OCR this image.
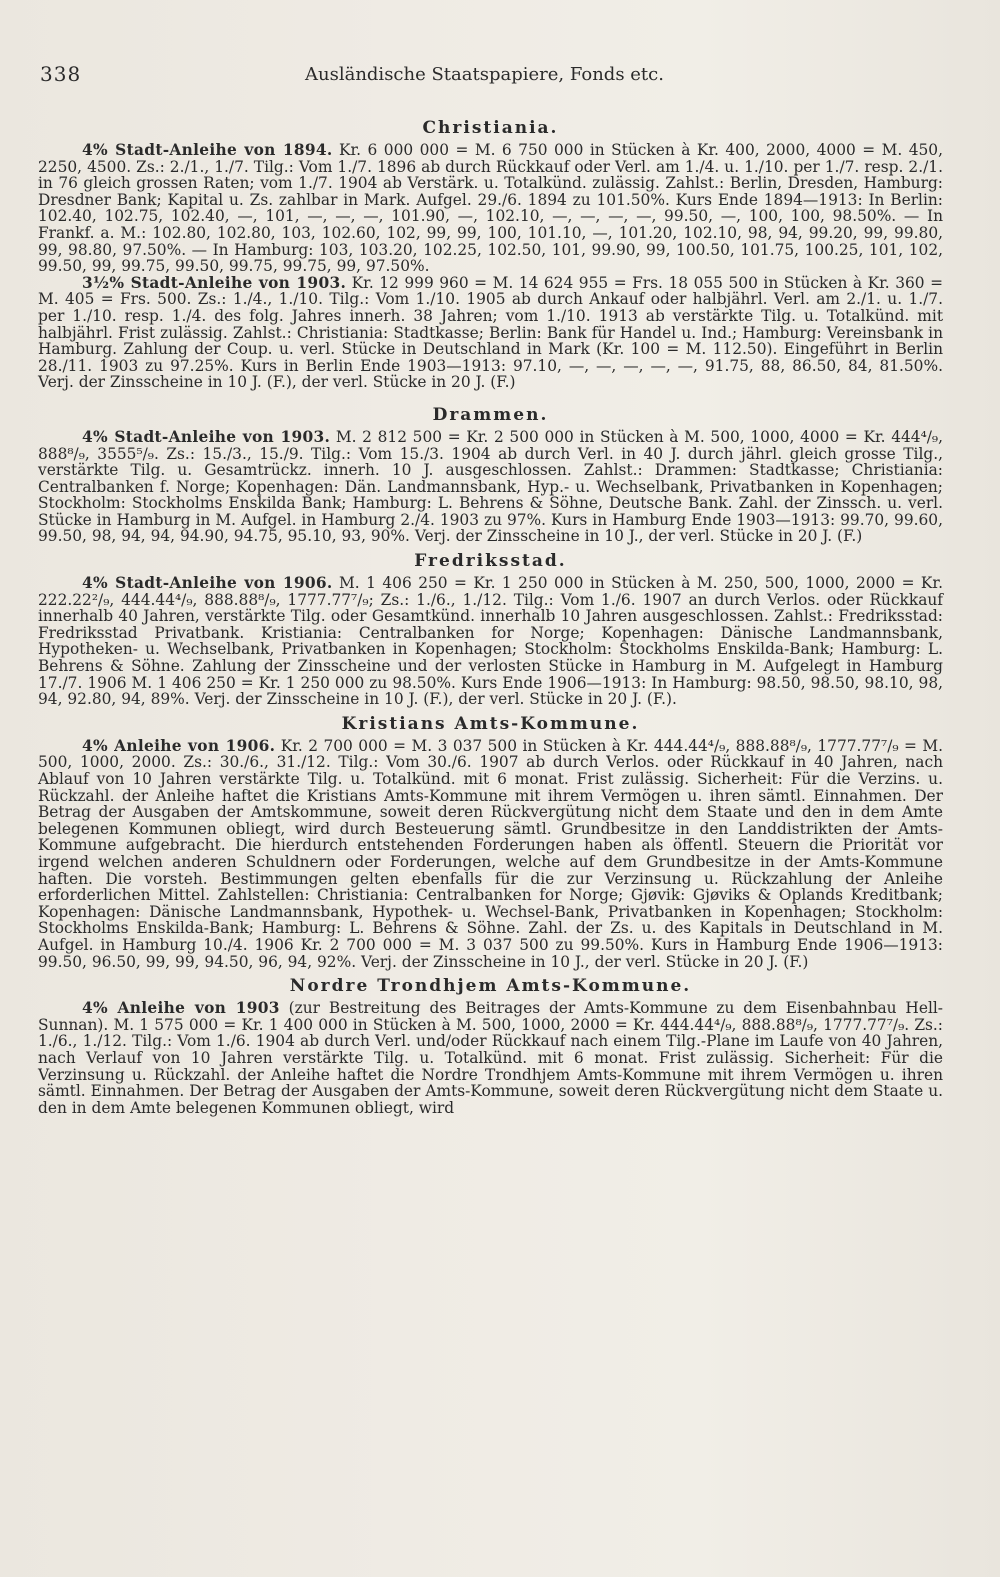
338	Ausländische Staatspapiere, Fonds etc.
Christiania.

4% Stadt-Anleihe von 1894. Kr. 6 000 000 = M. 6 750 000 in Stücken à Kr. 400, 2000, 4000 = M. 450, 2250, 4500. Zs.: 2./1., 1./7. Tilg.: Vom 1./7. 1896 ab durch Rückkauf oder Verl. am 1./4. u. 1./10. per 1./7. resp. 2./1. in 76 gleich grossen Raten; vom 1./7. 1904 ab Verstärk. u. Totalkünd. zulässig. Zahlst.: Berlin, Dresden, Hamburg: Dresdner Bank; Kapital u. Zs. zahlbar in Mark. Aufgel. 29./6. 1894 zu 101.50%. Kurs Ende 1894—1913: In Berlin: 102.40, 102.75, 102.40, —, 101, —, —, —, 101.90, —, 102.10, —, —, —, —, 99.50, —, 100, 100, 98.50%. — In Frankf. a. M.: 102.80, 102.80, 103, 102.60, 102, 99, 99, 100, 101.10, —, 101.20, 102.10, 98, 94, 99.20, 99, 99.80, 99, 98.80, 97.50%. — In Hamburg: 103, 103.20, 102.25, 102.50, 101, 99.90, 99, 100.50, 101.75, 100.25, 101, 102, 99.50, 99, 99.75, 99.50, 99.75, 99.75, 99, 97.50%.

3½% Stadt-Anleihe von 1903. Kr. 12 999 960 = M. 14 624 955 = Frs. 18 055 500 in Stücken à Kr. 360 = M. 405 = Frs. 500. Zs.: 1./4., 1./10. Tilg.: Vom 1./10. 1905 ab durch Ankauf oder halbjährl. Verl. am 2./1. u. 1./7. per 1./10. resp. 1./4. des folg. Jahres innerh. 38 Jahren; vom 1./10. 1913 ab verstärkte Tilg. u. Totalkünd. mit halbjährl. Frist zulässig. Zahlst.: Christiania: Stadtkasse; Berlin: Bank für Handel u. Ind.; Hamburg: Vereinsbank in Hamburg. Zahlung der Coup. u. verl. Stücke in Deutschland in Mark (Kr. 100 = M. 112.50). Eingeführt in Berlin 28./11. 1903 zu 97.25%. Kurs in Berlin Ende 1903—1913: 97.10, —, —, —, —, —, 91.75, 88, 86.50, 84, 81.50%. Verj. der Zinsscheine in 10 J. (F.), der verl. Stücke in 20 J. (F.)

Drammen.

4% Stadt-Anleihe von 1903. M. 2 812 500 = Kr. 2 500 000 in Stücken à M. 500, 1000, 4000 = Kr. 444⁴/₉, 888⁸/₉, 3555⁵/₉. Zs.: 15./3., 15./9. Tilg.: Vom 15./3. 1904 ab durch Verl. in 40 J. durch jährl. gleich grosse Tilg., verstärkte Tilg. u. Gesamtrückz. innerh. 10 J. ausgeschlossen. Zahlst.: Drammen: Stadtkasse; Christiania: Centralbanken f. Norge; Kopenhagen: Dän. Landmannsbank, Hyp.- u. Wechselbank, Privatbanken in Kopenhagen; Stockholm: Stockholms Enskilda Bank; Hamburg: L. Behrens & Söhne, Deutsche Bank. Zahl. der Zinssch. u. verl. Stücke in Hamburg in M. Aufgel. in Hamburg 2./4. 1903 zu 97%. Kurs in Hamburg Ende 1903—1913: 99.70, 99.60, 99.50, 98, 94, 94, 94.90, 94.75, 95.10, 93, 90%. Verj. der Zinsscheine in 10 J., der verl. Stücke in 20 J. (F.)

Fredriksstad.

4% Stadt-Anleihe von 1906. M. 1 406 250 = Kr. 1 250 000 in Stücken à M. 250, 500, 1000, 2000 = Kr. 222.22²/₉, 444.44⁴/₉, 888.88⁸/₉, 1777.77⁷/₉; Zs.: 1./6., 1./12. Tilg.: Vom 1./6. 1907 an durch Verlos. oder Rückkauf innerhalb 40 Jahren, verstärkte Tilg. oder Gesamtkünd. innerhalb 10 Jahren ausgeschlossen. Zahlst.: Fredriksstad: Fredriksstad Privatbank. Kristiania: Centralbanken for Norge; Kopenhagen: Dänische Landmannsbank, Hypotheken- u. Wechselbank, Privatbanken in Kopenhagen; Stockholm: Stockholms Enskilda-Bank; Hamburg: L. Behrens & Söhne. Zahlung der Zinsscheine und der verlosten Stücke in Hamburg in M. Aufgelegt in Hamburg 17./7. 1906 M. 1 406 250 = Kr. 1 250 000 zu 98.50%. Kurs Ende 1906—1913: In Hamburg: 98.50, 98.50, 98.10, 98, 94, 92.80, 94, 89%. Verj. der Zinsscheine in 10 J. (F.), der verl. Stücke in 20 J. (F.).

Kristians Amts-Kommune.

4% Anleihe von 1906. Kr. 2 700 000 = M. 3 037 500 in Stücken à Kr. 444.44⁴/₉, 888.88⁸/₉, 1777.77⁷/₉ = M. 500, 1000, 2000. Zs.: 30./6., 31./12. Tilg.: Vom 30./6. 1907 ab durch Verlos. oder Rückkauf in 40 Jahren, nach Ablauf von 10 Jahren verstärkte Tilg. u. Totalkünd. mit 6 monat. Frist zulässig. Sicherheit: Für die Verzins. u. Rückzahl. der Anleihe haftet die Kristians Amts-Kommune mit ihrem Vermögen u. ihren sämtl. Einnahmen. Der Betrag der Ausgaben der Amtskommune, soweit deren Rückvergütung nicht dem Staate und den in dem Amte belegenen Kommunen obliegt, wird durch Besteuerung sämtl. Grundbesitze in den Landdistrikten der Amts-Kommune aufgebracht. Die hierdurch entstehenden Forderungen haben als öffentl. Steuern die Priorität vor irgend welchen anderen Schuldnern oder Forderungen, welche auf dem Grundbesitze in der Amts-Kommune haften. Die vorsteh. Bestimmungen gelten ebenfalls für die zur Verzinsung u. Rückzahlung der Anleihe erforderlichen Mittel. Zahlstellen: Christiania: Centralbanken for Norge; Gjøvik: Gjøviks & Oplands Kreditbank; Kopenhagen: Dänische Landmannsbank, Hypothek- u. Wechsel-Bank, Privatbanken in Kopenhagen; Stockholm: Stockholms Enskilda-Bank; Hamburg: L. Behrens & Söhne. Zahl. der Zs. u. des Kapitals in Deutschland in M. Aufgel. in Hamburg 10./4. 1906 Kr. 2 700 000 = M. 3 037 500 zu 99.50%. Kurs in Hamburg Ende 1906—1913: 99.50, 96.50, 99, 99, 94.50, 96, 94, 92%. Verj. der Zinsscheine in 10 J., der verl. Stücke in 20 J. (F.)

Nordre Trondhjem Amts-Kommune.

4% Anleihe von 1903 (zur Bestreitung des Beitrages der Amts-Kommune zu dem Eisenbahnbau Hell-Sunnan). M. 1 575 000 = Kr. 1 400 000 in Stücken à M. 500, 1000, 2000 = Kr. 444.44⁴/₉, 888.88⁸/₉, 1777.77⁷/₉. Zs.: 1./6., 1./12. Tilg.: Vom 1./6. 1904 ab durch Verl. und/oder Rückkauf nach einem Tilg.-Plane im Laufe von 40 Jahren, nach Verlauf von 10 Jahren verstärkte Tilg. u. Totalkünd. mit 6 monat. Frist zulässig. Sicherheit: Für die Verzinsung u. Rückzahl. der Anleihe haftet die Nordre Trondhjem Amts-Kommune mit ihrem Vermögen u. ihren sämtl. Einnahmen. Der Betrag der Ausgaben der Amts-Kommune, soweit deren Rückvergütung nicht dem Staate u. den in dem Amte belegenen Kommunen obliegt, wird
